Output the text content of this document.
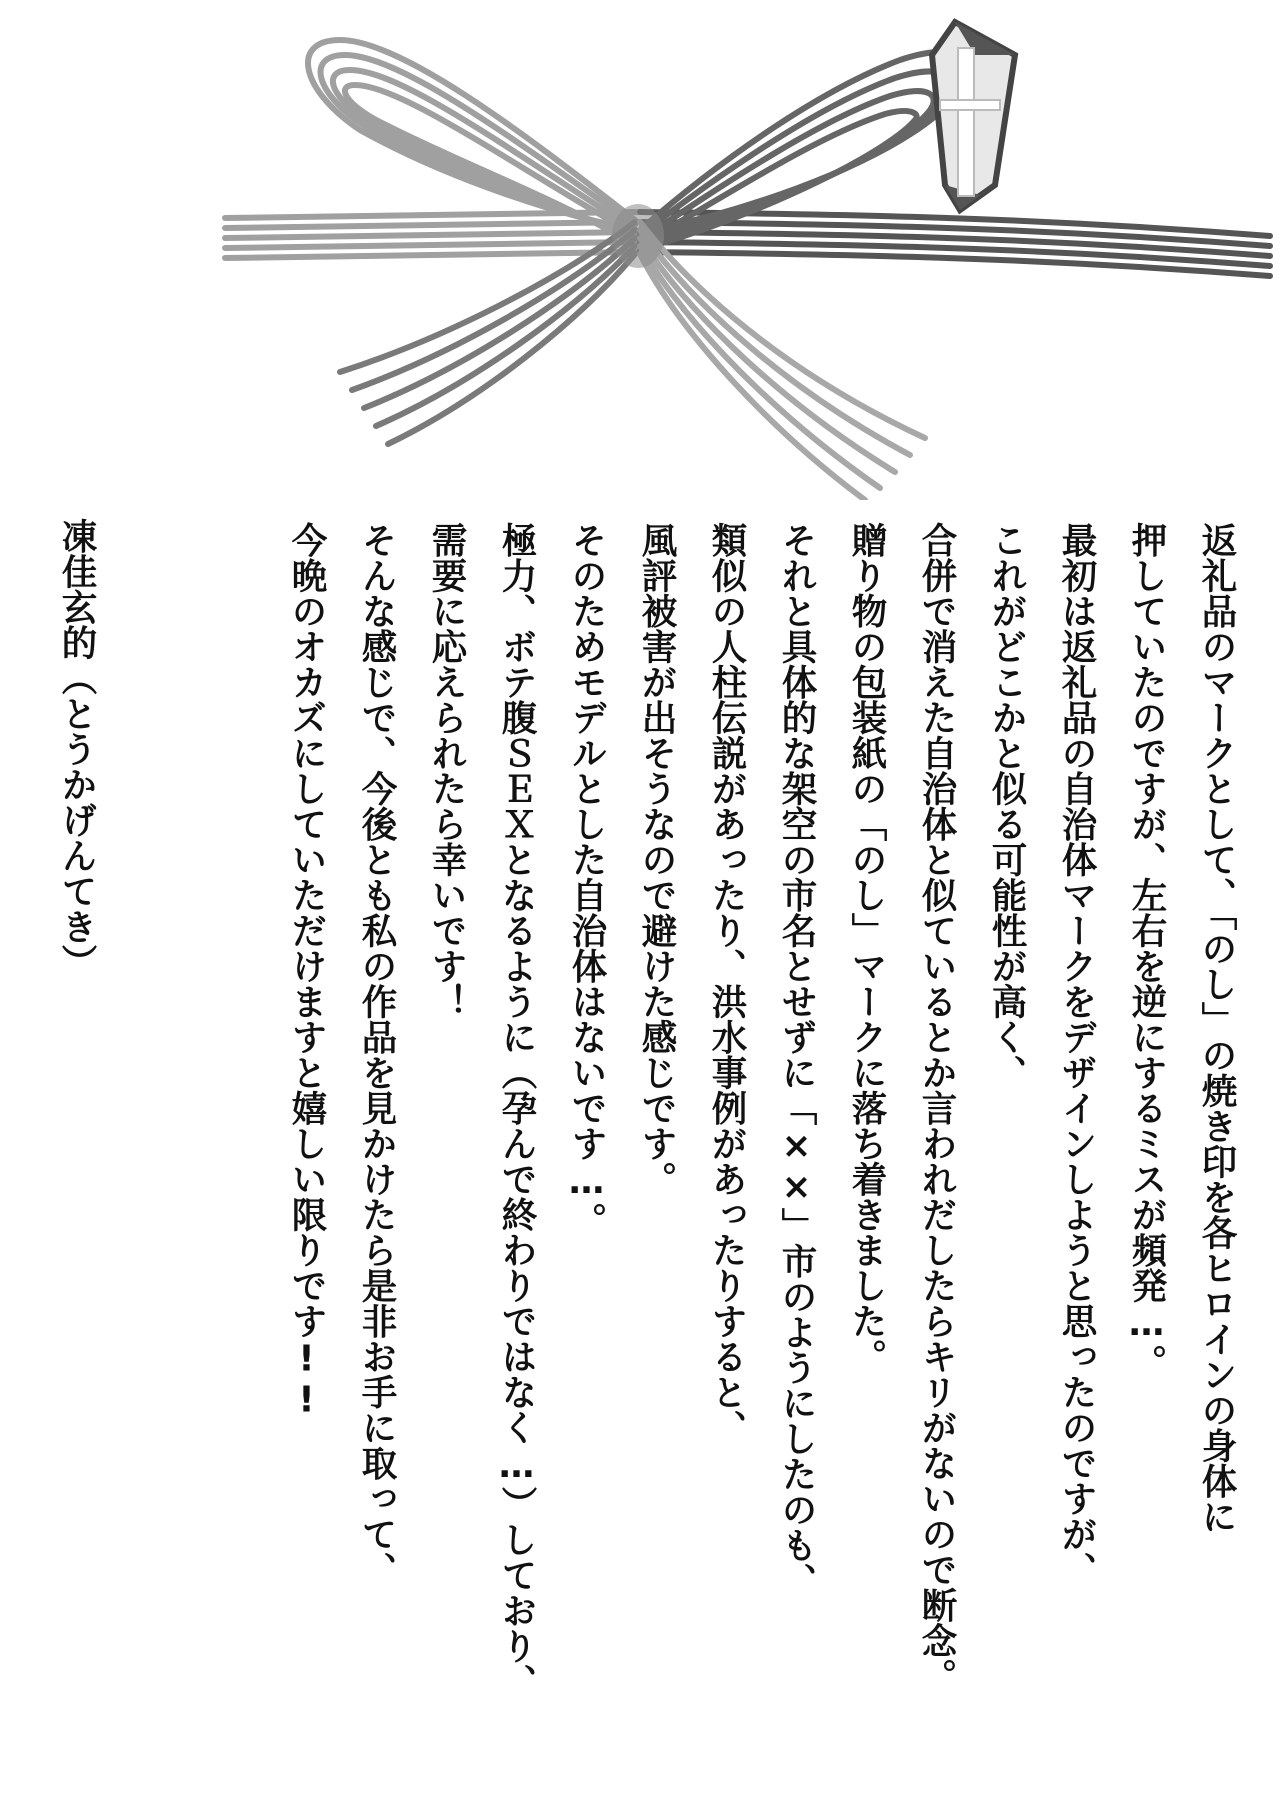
返礼品のマークとして、「のし」の焼き印を各ヒロインの身体に
押していたのですが、左右を逆にするミスが頻発…。
最初は返礼品の自治体マークをデザインしようと思ったのですが、
これがどこかと似る可能性が高く、
合併で消えた自治体と似ているとか言われだしたらキリがないので断念。
贈り物の包装紙の「のし」マークに落ち着きました。
それと具体的な架空の市名とせずに「××」市のようにしたのも、
類似の人柱伝説があったり、洪水事例があったりすると、
風評被害が出そうなので避けた感じです。
そのためモデルとした自治体はないです…。
極力、ボテ腹ＳＥＸとなるように（孕んで終わりではなく…）しており、
需要に応えられたら幸いです！
そんな感じで、今後とも私の作品を見かけたら是非お手に取って、
今晩のオカズにしていただけますと嬉しい限りです!!
凍佳玄的（とうかげんてき）
